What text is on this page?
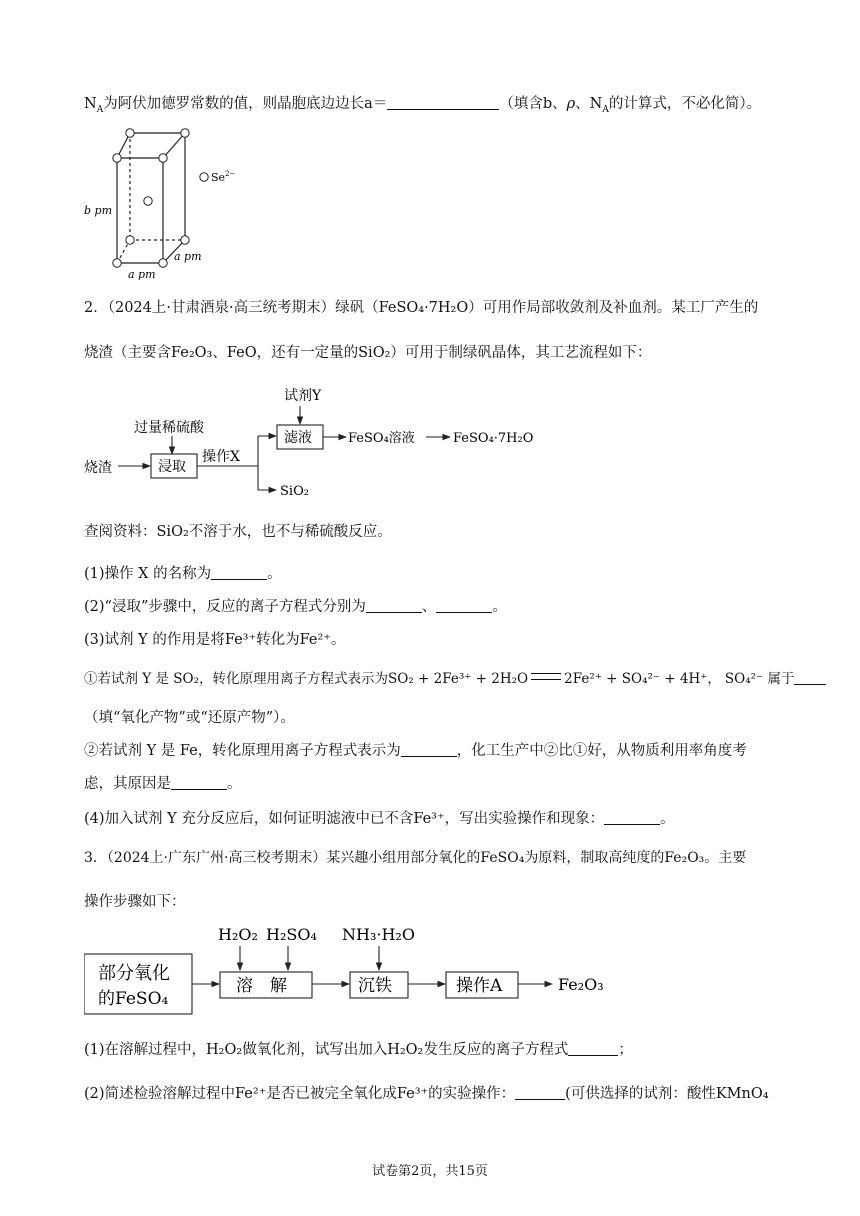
$N_A$为阿伏加德罗常数的值，则晶胞底边边长a＝	（填含b、ρ、$N_A$的计算式，不必化简）。
$Se^{2-}$
b pm
a pm
a pm
2．（2024上·甘肃酒泉·高三统考期末）绿矾（FeSO₄·7H₂O）可用作局部收敛剂及补血剂。某工厂产生的
烧渣（主要含Fe₂O₃、FeO，还有一定量的SiO₂）可用于制绿矾晶体，其工艺流程如下：
试剂Y
过量稀硫酸
烧渣	浸取
操作X
滤液	FeSO₄溶液	FeSO₄·7H₂O
SiO₂
查阅资料：SiO₂不溶于水，也不与稀硫酸反应。
(1)操作 X 的名称为	。
(2)“浸取”步骤中，反应的离子方程式分别为	、	。
(3)试剂 Y 的作用是将Fe³⁺转化为Fe²⁺。
①若试剂 Y 是 SO₂，转化原理用离子方程式表示为SO₂ + 2Fe³⁺ + 2H₂O	2Fe²⁺ + SO₄²⁻ + 4H⁺， SO₄²⁻ 属于
（填“氧化产物”或“还原产物”）。
②若试剂 Y 是 Fe，转化原理用离子方程式表示为	，化工生产中②比①好，从物质利用率角度考
虑，其原因是	。
(4)加入试剂 Y 充分反应后，如何证明滤液中已不含Fe³⁺，写出实验操作和现象：	。
3．（2024上·广东广州·高三校考期末）某兴趣小组用部分氧化的FeSO₄为原料，制取高纯度的Fe₂O₃。主要
操作步骤如下：
H₂O₂ H₂SO₄ NH₃·H₂O
部分氧化
的FeSO₄
溶　解	沉铁	操作A	Fe₂O₃
(1)在溶解过程中，H₂O₂做氧化剂，试写出加入H₂O₂发生反应的离子方程式	；
(2)简述检验溶解过程中Fe²⁺是否已被完全氧化成Fe³⁺的实验操作：	(可供选择的试剂：酸性KMnO₄
试卷第2页，共15页
